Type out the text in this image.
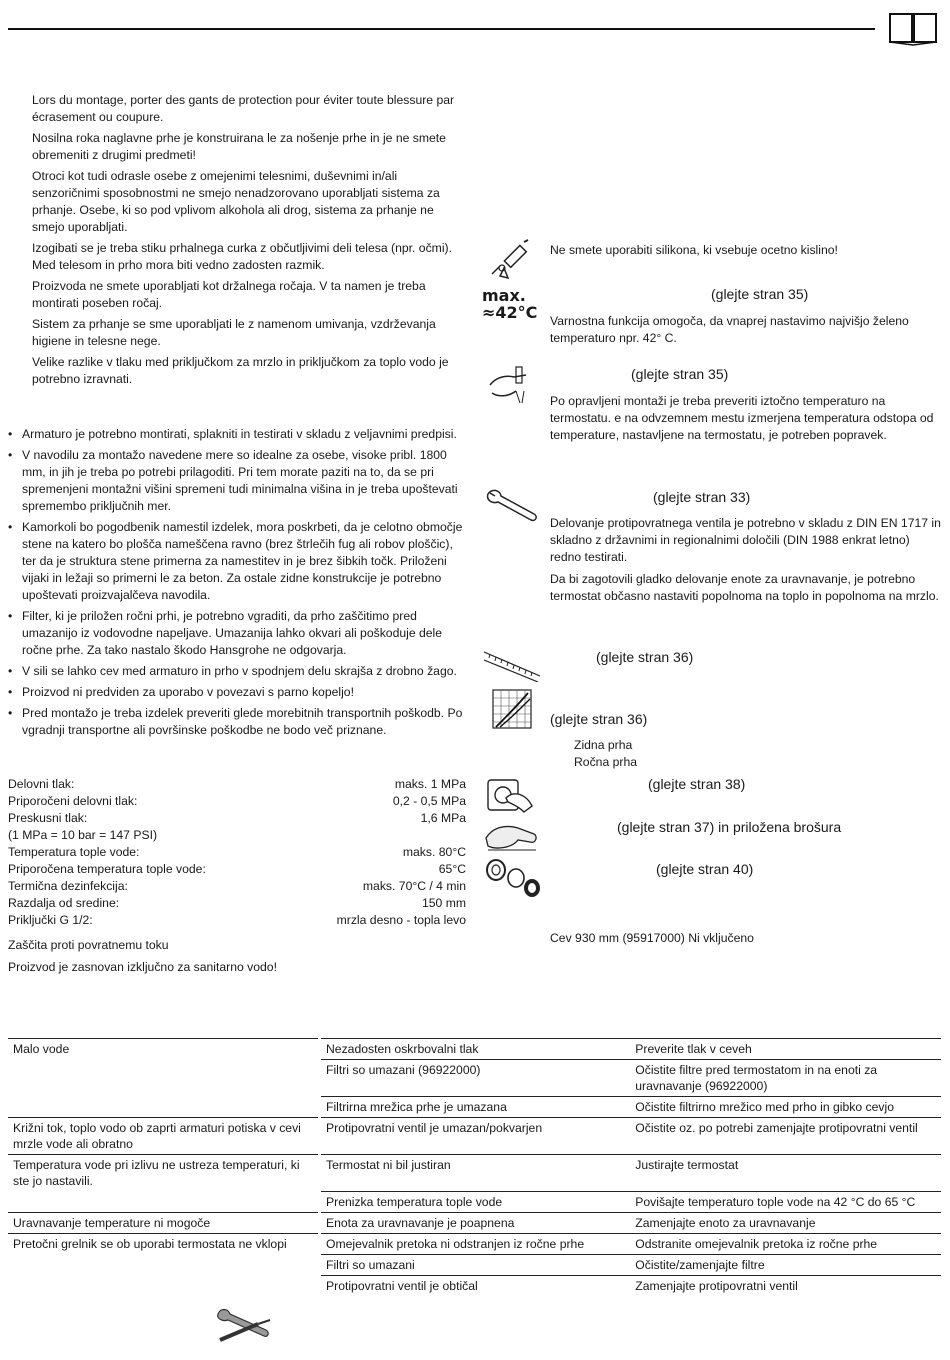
Lors du montage, porter des gants de protection pour éviter toute blessure par écrasement ou coupure.

Nosilna roka naglavne prhe je konstruirana le za nošenje prhe in je ne smete obremeniti z drugimi predmeti!

Otroci kot tudi odrasle osebe z omejenimi telesnimi, duševnimi in/ali senzoričnimi sposobnostmi ne smejo nenadzorovano uporabljati sistema za prhanje. Osebe, ki so pod vplivom alkohola ali drog, sistema za prhanje ne smejo uporabljati.

Izogibati se je treba stiku prhalnega curka z občutljivimi deli telesa (npr. očmi). Med telesom in prho mora biti vedno zadosten razmik.

Proizvoda ne smete uporabljati kot držalnega ročaja. V ta namen je treba montirati poseben ročaj.

Sistem za prhanje se sme uporabljati le z namenom umivanja, vzdrževanja higiene in telesne nege.

Velike razlike v tlaku med priključkom za mrzlo in priključkom za toplo vodo je potrebno izravnati.

• Armaturo je potrebno montirati, splakniti in testirati v skladu z veljavnimi predpisi.
• V navodilu za montažo navedene mere so idealne za osebe, visoke pribl. 1800 mm, in jih je treba po potrebi prilagoditi. Pri tem morate paziti na to, da se pri spremenjeni montažni višini spremeni tudi minimalna višina in je treba upoštevati spremembo priključnih mer.
• Kamorkoli bo pogodbenik namestil izdelek, mora poskrbeti, da je celotno območje stene na katero bo plošča nameščena ravno (brez štrlečih fug ali robov ploščic), ter da je struktura stene primerna za namestitev in je brez šibkih točk. Priloženi vijaki in ležaji so primerni le za beton. Za ostale zidne konstrukcije je potrebno upoštevati proizvajalčeva navodila.
• Filter, ki je priložen ročni prhi, je potrebno vgraditi, da prho zaščitimo pred umazanijo iz vodovodne napeljave. Umazanija lahko okvari ali poškoduje dele ročne prhe. Za tako nastalo škodo Hansgrohe ne odgovarja.
• V sili se lahko cev med armaturo in prho v spodnjem delu skrajša z drobno žago.
• Proizvod ni predviden za uporabo v povezavi s parno kopeljo!
• Pred montažo je treba izdelek preveriti glede morebitnih transportnih poškodb. Po vgradnji transportne ali površinske poškodbe ne bodo več priznane.
Delovni tlak:	maks. 1 MPa
Priporočeni delovni tlak:	0,2 - 0,5 MPa
Preskusni tlak:	1,6 MPa
(1 MPa = 10 bar = 147 PSI)
Temperatura tople vode:	maks. 80°C
Priporočena temperatura tople vode:	65°C
Termična dezinfekcija:	maks. 70°C / 4 min
Razdalja od sredine:	150 mm
Priključki G 1/2:	mrzla desno - topla levo

Zaščita proti povratnemu toku

Proizvod je zasnovan izključno za sanitarno vodo!

Ne smete uporabiti silikona, ki vsebuje ocetno kislino!

max.
≈42°C

(glejte stran 35)

Varnostna funkcija omogoča, da vnaprej nastavimo najvišjo želeno temperaturo npr. 42° C.

(glejte stran 35)

Po opravljeni montaži je treba preveriti iztočno temperaturo na termostatu. e na odvzemnem mestu izmerjena temperatura odstopa od temperature, nastavljene na termostatu, je potreben popravek.

(glejte stran 33)

Delovanje protipovratnega ventila je potrebno v skladu z DIN EN 1717 in skladno z državnimi in regionalnimi določili (DIN 1988 enkrat letno) redno testirati.

Da bi zagotovili gladko delovanje enote za uravnavanje, je potrebno termostat občasno nastaviti popolnoma na toplo in popolnoma na mrzlo.

(glejte stran 36)

(glejte stran 36)

Zidna prha

Ročna prha

(glejte stran 38)

(glejte stran 37) in priložena brošura

(glejte stran 40)

Cev 930 mm (95917000) Ni vključeno

Malo vode	Nezadosten oskrbovalni tlak	Preverite tlak v ceveh
	Filtri so umazani (96922000)	Očistite filtre pred termostatom in na enoti za uravnavanje (96922000)
	Filtrirna mrežica prhe je umazana	Očistite filtrirno mrežico med prho in gibko cevjo
Križni tok, toplo vodo ob zaprti armaturi potiska v cevi mrzle vode ali obratno	Protipovratni ventil je umazan/pokvarjen	Očistite oz. po potrebi zamenjajte protipovratni ventil
Temperatura vode pri izlivu ne ustreza temperaturi, ki ste jo nastavili.	Termostat ni bil justiran	Justirajte termostat
	Prenizka temperatura tople vode	Povišajte temperaturo tople vode na 42 °C do 65 °C
Uravnavanje temperature ni mogoče	Enota za uravnavanje je poapnena	Zamenjajte enoto za uravnavanje
Pretočni grelnik se ob uporabi termostata ne vklopi	Omejevalnik pretoka ni odstranjen iz ročne prhe	Odstranite omejevalnik pretoka iz ročne prhe
	Filtri so umazani	Očistite/zamenjajte filtre
	Protipovratni ventil je obtičal	Zamenjajte protipovratni ventil
